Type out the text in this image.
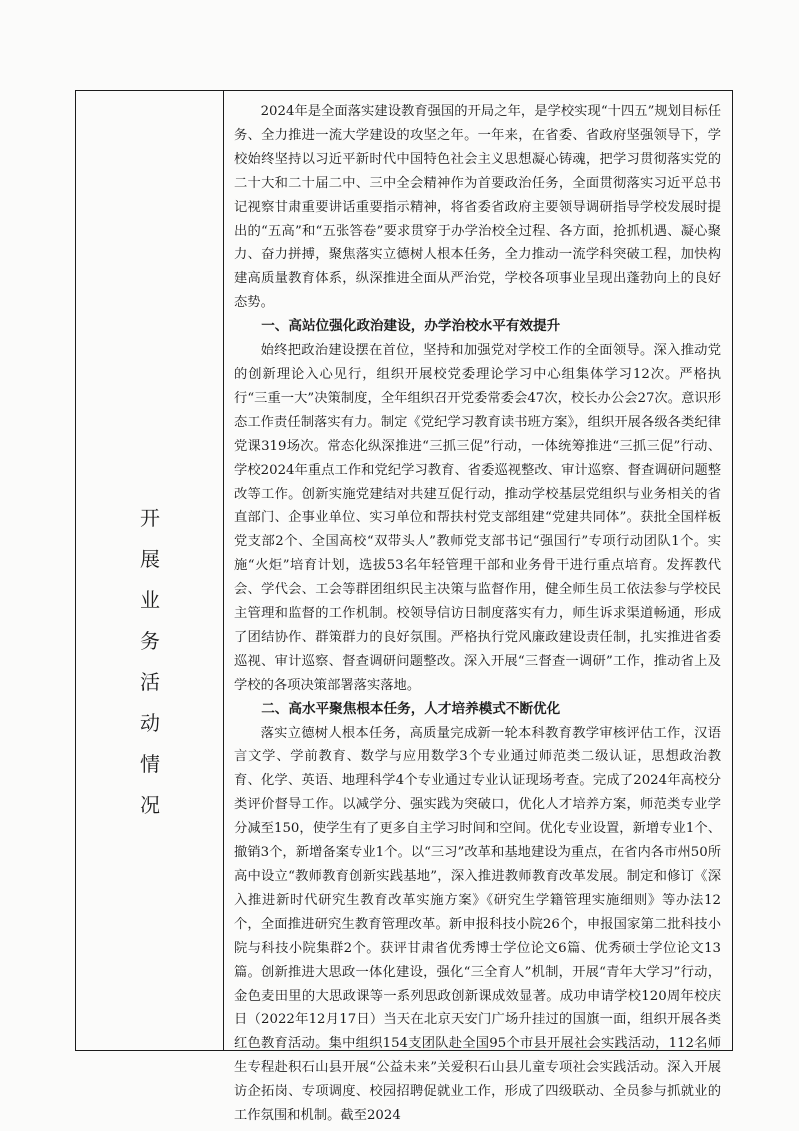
开
展
业
务
活
动
情
况

2024年是全面落实建设教育强国的开局之年，是学校实现“十四五”规划目标任务、全力推进一流大学建设的攻坚之年。一年来，在省委、省政府坚强领导下，学校始终坚持以习近平新时代中国特色社会主义思想凝心铸魂，把学习贯彻落实党的二十大和二十届二中、三中全会精神作为首要政治任务，全面贯彻落实习近平总书记视察甘肃重要讲话重要指示精神，将省委省政府主要领导调研指导学校发展时提出的“五高”和“五张答卷”要求贯穿于办学治校全过程、各方面，抢抓机遇、凝心聚力、奋力拼搏，聚焦落实立德树人根本任务，全力推动一流学科突破工程，加快构建高质量教育体系，纵深推进全面从严治党，学校各项事业呈现出蓬勃向上的良好态势。

一、高站位强化政治建设，办学治校水平有效提升

始终把政治建设摆在首位，坚持和加强党对学校工作的全面领导。深入推动党的创新理论入心见行，组织开展校党委理论学习中心组集体学习12次。严格执行“三重一大”决策制度，全年组织召开党委常委会47次，校长办公会27次。意识形态工作责任制落实有力。制定《党纪学习教育读书班方案》，组织开展各级各类纪律党课319场次。常态化纵深推进“三抓三促”行动，一体统筹推进“三抓三促”行动、学校2024年重点工作和党纪学习教育、省委巡视整改、审计巡察、督查调研问题整改等工作。创新实施党建结对共建互促行动，推动学校基层党组织与业务相关的省直部门、企事业单位、实习单位和帮扶村党支部组建“党建共同体”。获批全国样板党支部2个、全国高校“双带头人”教师党支部书记“强国行”专项行动团队1个。实施“火炬”培育计划，选拔53名年轻管理干部和业务骨干进行重点培育。发挥教代会、学代会、工会等群团组织民主决策与监督作用，健全师生员工依法参与学校民主管理和监督的工作机制。校领导信访日制度落实有力，师生诉求渠道畅通，形成了团结协作、群策群力的良好氛围。严格执行党风廉政建设责任制，扎实推进省委巡视、审计巡察、督查调研问题整改。深入开展“三督查一调研”工作，推动省上及学校的各项决策部署落实落地。

二、高水平聚焦根本任务，人才培养模式不断优化

落实立德树人根本任务，高质量完成新一轮本科教育教学审核评估工作，汉语言文学、学前教育、数学与应用数学3个专业通过师范类二级认证，思想政治教育、化学、英语、地理科学4个专业通过专业认证现场考查。完成了2024年高校分类评价督导工作。以减学分、强实践为突破口，优化人才培养方案，师范类专业学分减至150，使学生有了更多自主学习时间和空间。优化专业设置，新增专业1个、撤销3个，新增备案专业1个。以“三习”改革和基地建设为重点，在省内各市州50所高中设立“教师教育创新实践基地”，深入推进教师教育改革发展。制定和修订《深入推进新时代研究生教育改革实施方案》《研究生学籍管理实施细则》等办法12个，全面推进研究生教育管理改革。新申报科技小院26个，申报国家第二批科技小院与科技小院集群2个。获评甘肃省优秀博士学位论文6篇、优秀硕士学位论文13篇。创新推进大思政一体化建设，强化“三全育人”机制，开展“青年大学习”行动，金色麦田里的大思政课等一系列思政创新课成效显著。成功申请学校120周年校庆日（2022年12月17日）当天在北京天安门广场升挂过的国旗一面，组织开展各类红色教育活动。集中组织154支团队赴全国95个市县开展社会实践活动，112名师生专程赴积石山县开展“公益未来”关爱积石山县儿童专项社会实践活动。深入开展访企拓岗、专项调度、校园招聘促就业工作，形成了四级联动、全员参与抓就业的工作氛围和机制。截至2024
